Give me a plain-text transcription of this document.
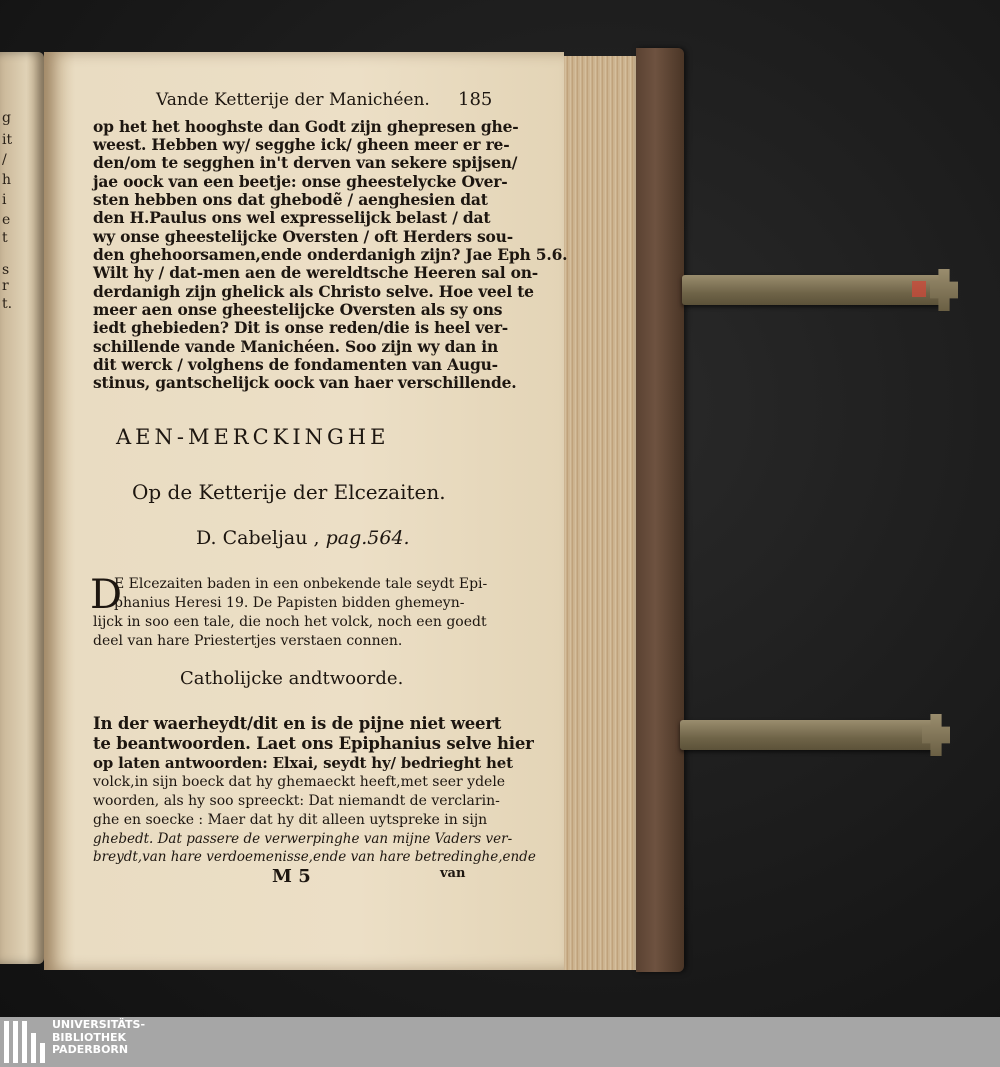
g
it
/
h
i
e
t
s
r
t.
Vande Ketterije der Manichéen. 185
op het het hooghste dan Godt zijn ghepresen ghe-
weest. Hebben wy/ segghe ick/ gheen meer er re-
den/om te segghen in't derven van sekere spijsen/
jae oock van een beetje: onse gheestelycke Over-
sten hebben ons dat ghebodẽ / aenghesien dat
den H.Paulus ons wel expresselijck belast / dat
wy onse gheestelijcke Oversten / oft Herders sou-
den ghehoorsamen,ende onderdanigh zijn? Jae Eph 5.6.
Wilt hy / dat-men aen de wereldtsche Heeren sal on-
derdanigh zijn ghelick als Christo selve. Hoe veel te
meer aen onse gheestelijcke Oversten als sy ons
iedt ghebieden? Dit is onse reden/die is heel ver-
schillende vande Manichéen. Soo zijn wy dan in
dit werck / volghens de fondamenten van Augu-
stinus, gantschelijck oock van haer verschillende.
AEN-MERCKINGHE
Op de Ketterije der Elcezaiten.
D. Cabeljau , pag.564.
D
E Elcezaiten baden in een onbekende tale seydt Epi-
phanius Heresi 19. De Papisten bidden ghemeyn-
lijck in soo een tale, die noch het volck, noch een goedt
deel van hare Priestertjes verstaen connen.
Catholijcke andtwoorde.
In der waerheydt/dit en is de pijne niet weert
te beantwoorden. Laet ons Epiphanius selve hier
op laten antwoorden: Elxai, seydt hy/ bedrieght het
volck,in sijn boeck dat hy ghemaeckt heeft,met seer ydele
woorden, als hy soo spreeckt: Dat niemandt de verclarin-
ghe en soecke : Maer dat hy dit alleen uytspreke in sijn
ghebedt. Dat passere de verwerpinghe van mijne Vaders ver-
breydt,van hare verdoemenisse,ende van hare betredinghe,ende
M 5	van
UNIVERSITÄTS-
BIBLIOTHEK
PADERBORN
